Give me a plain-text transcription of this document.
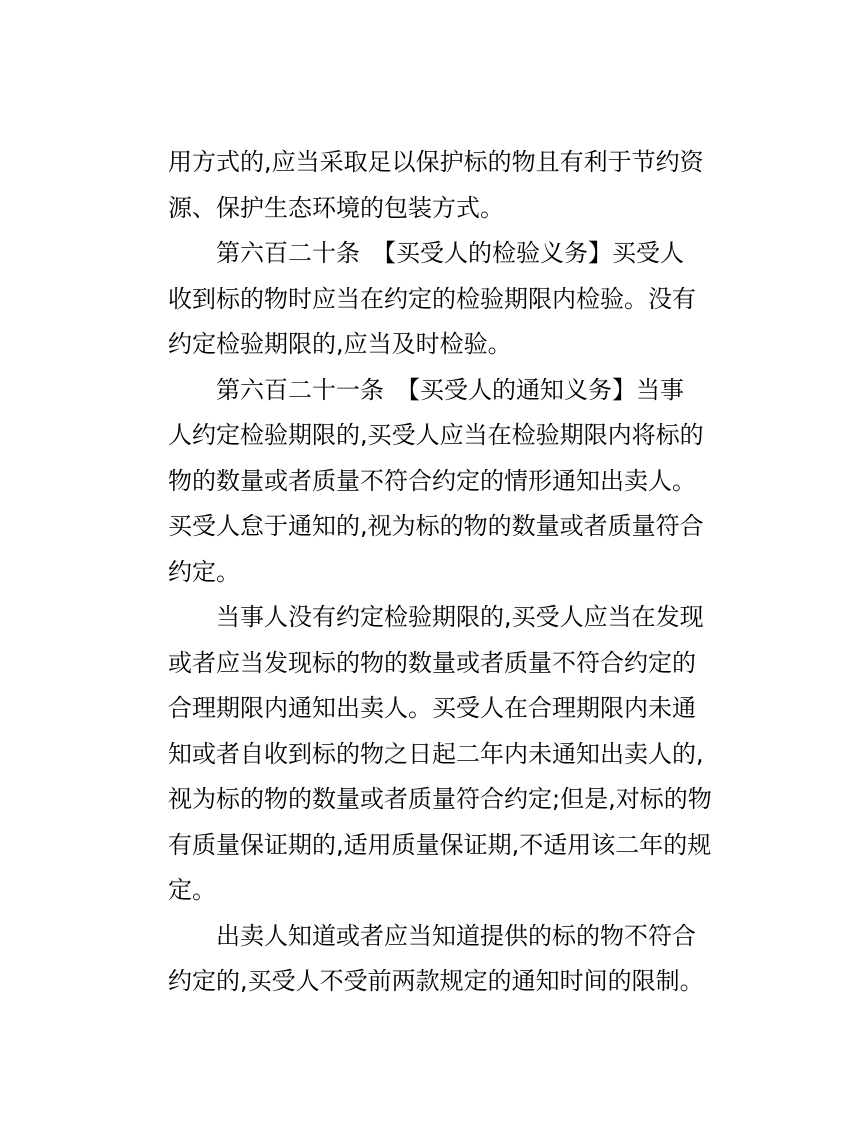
用方式的,应当采取足以保护标的物且有利于节约资
源、保护生态环境的包装方式。

第六百二十条　【买受人的检验义务】买受人
收到标的物时应当在约定的检验期限内检验。没有
约定检验期限的,应当及时检验。

第六百二十一条　【买受人的通知义务】当事
人约定检验期限的,买受人应当在检验期限内将标的
物的数量或者质量不符合约定的情形通知出卖人。
买受人怠于通知的,视为标的物的数量或者质量符合
约定。

当事人没有约定检验期限的,买受人应当在发现
或者应当发现标的物的数量或者质量不符合约定的
合理期限内通知出卖人。买受人在合理期限内未通
知或者自收到标的物之日起二年内未通知出卖人的,
视为标的物的数量或者质量符合约定;但是,对标的物
有质量保证期的,适用质量保证期,不适用该二年的规
定。

出卖人知道或者应当知道提供的标的物不符合
约定的,买受人不受前两款规定的通知时间的限制。
